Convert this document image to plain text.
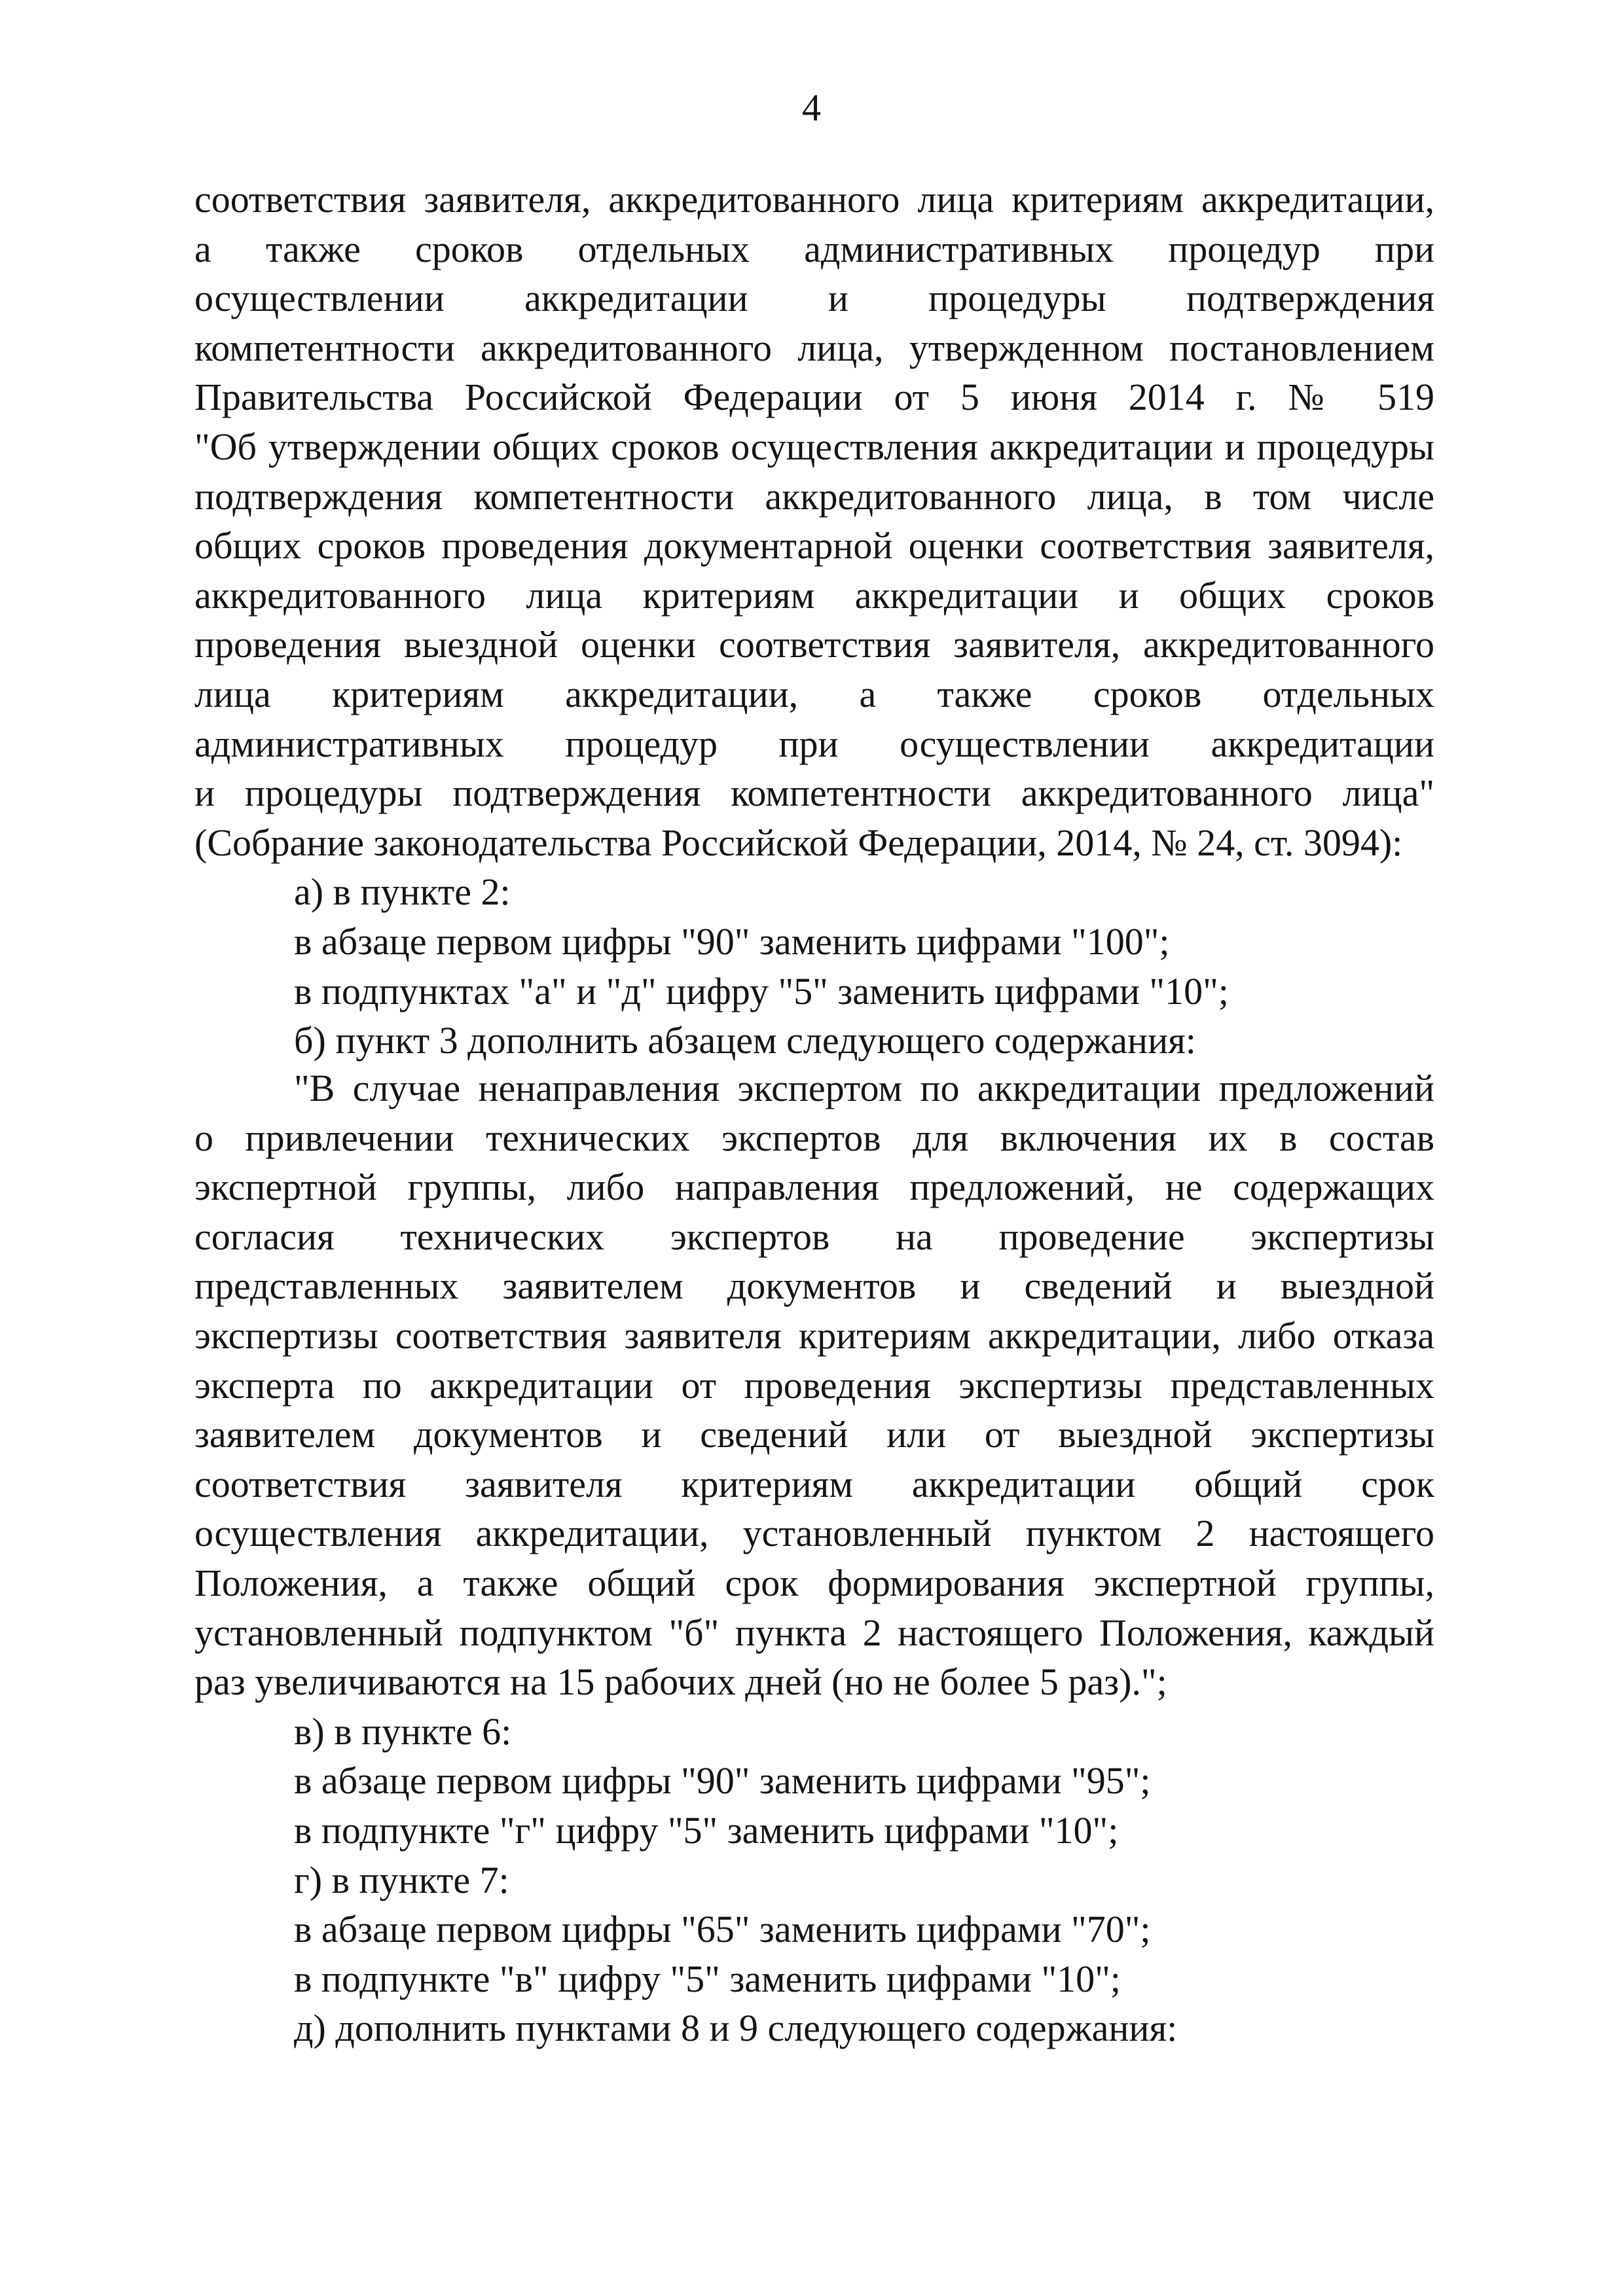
4
соответствия заявителя, аккредитованного лица критериям аккредитации,
а также сроков отдельных административных процедур при
осуществлении аккредитации и процедуры подтверждения
компетентности аккредитованного лица, утвержденном постановлением
Правительства Российской Федерации от 5 июня 2014 г. № 519
"Об утверждении общих сроков осуществления аккредитации и процедуры
подтверждения компетентности аккредитованного лица, в том числе
общих сроков проведения документарной оценки соответствия заявителя,
аккредитованного лица критериям аккредитации и общих сроков
проведения выездной оценки соответствия заявителя, аккредитованного
лица критериям аккредитации, а также сроков отдельных
административных процедур при осуществлении аккредитации
и процедуры подтверждения компетентности аккредитованного лица"
(Собрание законодательства Российской Федерации, 2014, № 24, ст. 3094):
а) в пункте 2:
в абзаце первом цифры "90" заменить цифрами "100";
в подпунктах "а" и "д" цифру "5" заменить цифрами "10";
б) пункт 3 дополнить абзацем следующего содержания:
"В случае ненаправления экспертом по аккредитации предложений
о привлечении технических экспертов для включения их в состав
экспертной группы, либо направления предложений, не содержащих
согласия технических экспертов на проведение экспертизы
представленных заявителем документов и сведений и выездной
экспертизы соответствия заявителя критериям аккредитации, либо отказа
эксперта по аккредитации от проведения экспертизы представленных
заявителем документов и сведений или от выездной экспертизы
соответствия заявителя критериям аккредитации общий срок
осуществления аккредитации, установленный пунктом 2 настоящего
Положения, а также общий срок формирования экспертной группы,
установленный подпунктом "б" пункта 2 настоящего Положения, каждый
раз увеличиваются на 15 рабочих дней (но не более 5 раз).";
в) в пункте 6:
в абзаце первом цифры "90" заменить цифрами "95";
в подпункте "г" цифру "5" заменить цифрами "10";
г) в пункте 7:
в абзаце первом цифры "65" заменить цифрами "70";
в подпункте "в" цифру "5" заменить цифрами "10";
д) дополнить пунктами 8 и 9 следующего содержания:
